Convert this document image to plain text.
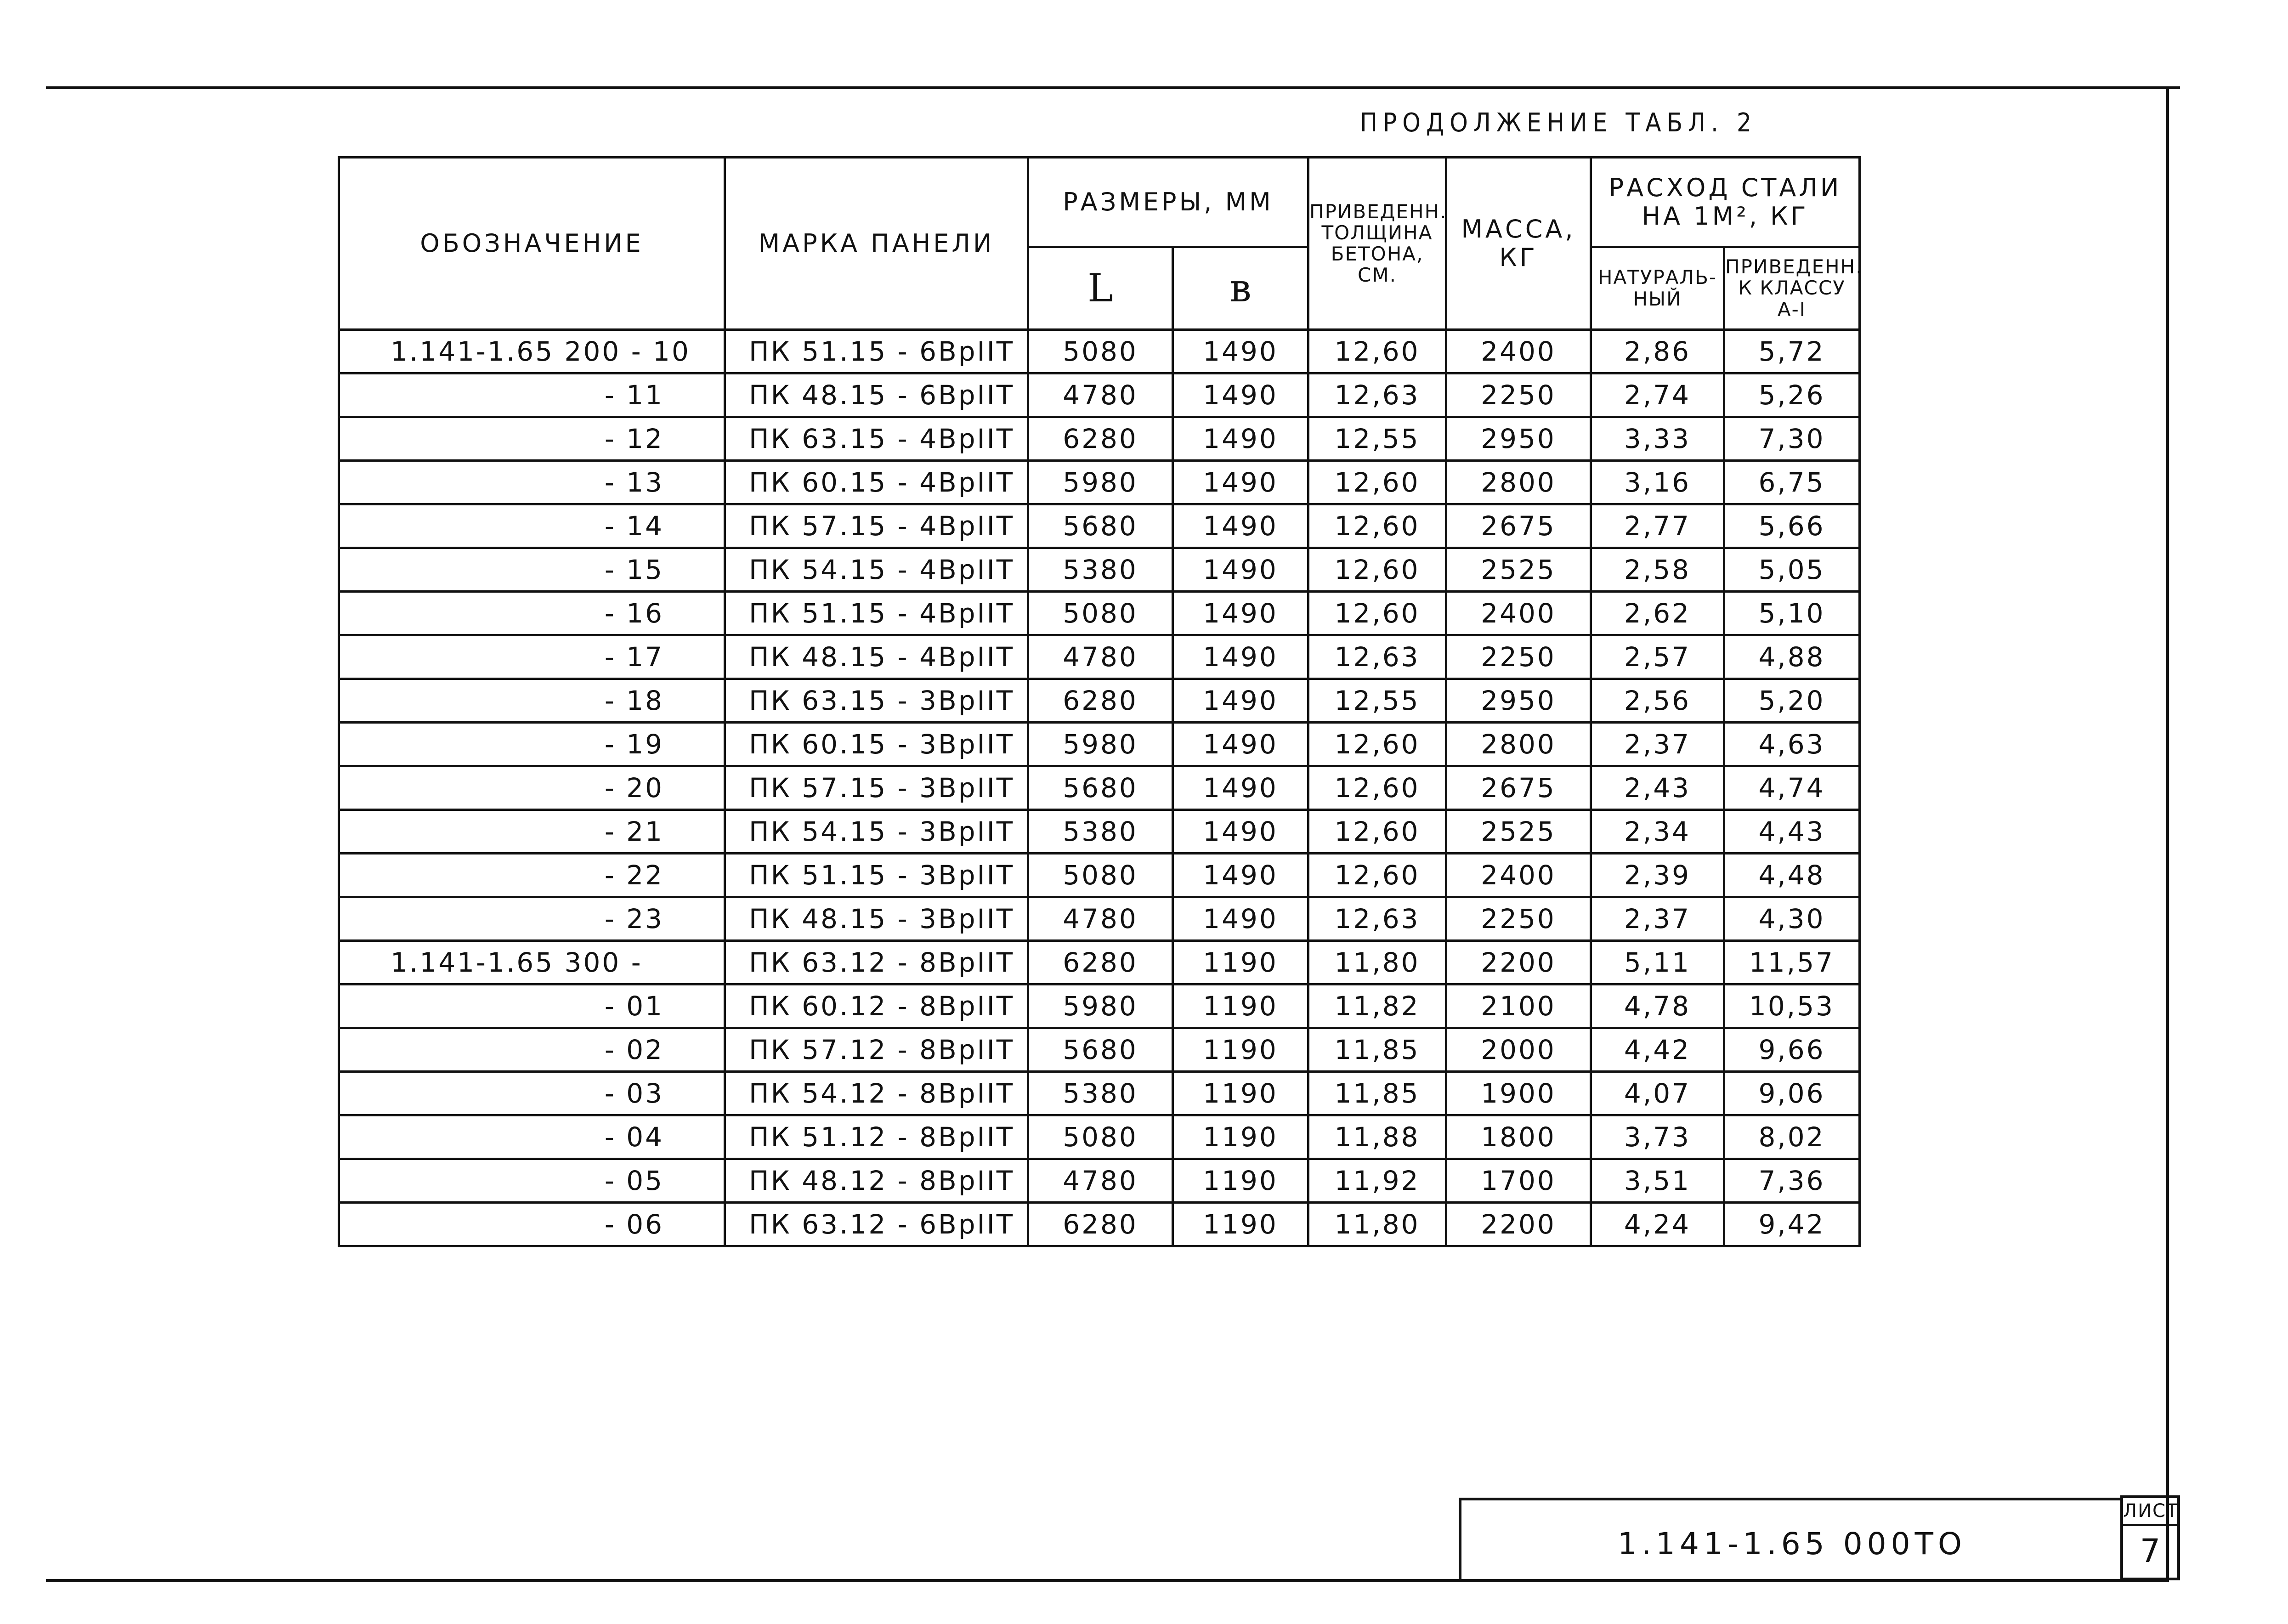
ПРОДОЛЖЕНИЕ ТАБЛ. 2
ОБОЗНАЧЕНИЕ	МАРКА ПАНЕЛИ	РАЗМЕРЫ, ММ		ПРИВЕДЕНН. ТОЛЩИНА БЕТОНА, СМ.	МАССА, КГ	РАСХОД СТАЛИ НА 1М², КГ	
		L	в			НАТУРАЛЬ-НЫЙ	ПРИВЕДЕНН. К КЛАССУ А-I
1.141-1.65 200 - 10	ПК 51.15 - 6ВрIIТ	5080	1490	12,60	2400	2,86	5,72
- 11	ПК 48.15 - 6ВрIIТ	4780	1490	12,63	2250	2,74	5,26
- 12	ПК 63.15 - 4ВрIIТ	6280	1490	12,55	2950	3,33	7,30
- 13	ПК 60.15 - 4ВрIIТ	5980	1490	12,60	2800	3,16	6,75
- 14	ПК 57.15 - 4ВрIIТ	5680	1490	12,60	2675	2,77	5,66
- 15	ПК 54.15 - 4ВрIIТ	5380	1490	12,60	2525	2,58	5,05
- 16	ПК 51.15 - 4ВрIIТ	5080	1490	12,60	2400	2,62	5,10
- 17	ПК 48.15 - 4ВрIIТ	4780	1490	12,63	2250	2,57	4,88
- 18	ПК 63.15 - 3ВрIIТ	6280	1490	12,55	2950	2,56	5,20
- 19	ПК 60.15 - 3ВрIIТ	5980	1490	12,60	2800	2,37	4,63
- 20	ПК 57.15 - 3ВрIIТ	5680	1490	12,60	2675	2,43	4,74
- 21	ПК 54.15 - 3ВрIIТ	5380	1490	12,60	2525	2,34	4,43
- 22	ПК 51.15 - 3ВрIIТ	5080	1490	12,60	2400	2,39	4,48
- 23	ПК 48.15 - 3ВрIIТ	4780	1490	12,63	2250	2,37	4,30
1.141-1.65 300 -	ПК 63.12 - 8ВрIIТ	6280	1190	11,80	2200	5,11	11,57
- 01	ПК 60.12 - 8ВрIIТ	5980	1190	11,82	2100	4,78	10,53
- 02	ПК 57.12 - 8ВрIIТ	5680	1190	11,85	2000	4,42	9,66
- 03	ПК 54.12 - 8ВрIIТ	5380	1190	11,85	1900	4,07	9,06
- 04	ПК 51.12 - 8ВрIIТ	5080	1190	11,88	1800	3,73	8,02
- 05	ПК 48.12 - 8ВрIIТ	4780	1190	11,92	1700	3,51	7,36
- 06	ПК 63.12 - 6ВрIIТ	6280	1190	11,80	2200	4,24	9,42
1.141-1.65 000ТО
ЛИСТ
7
